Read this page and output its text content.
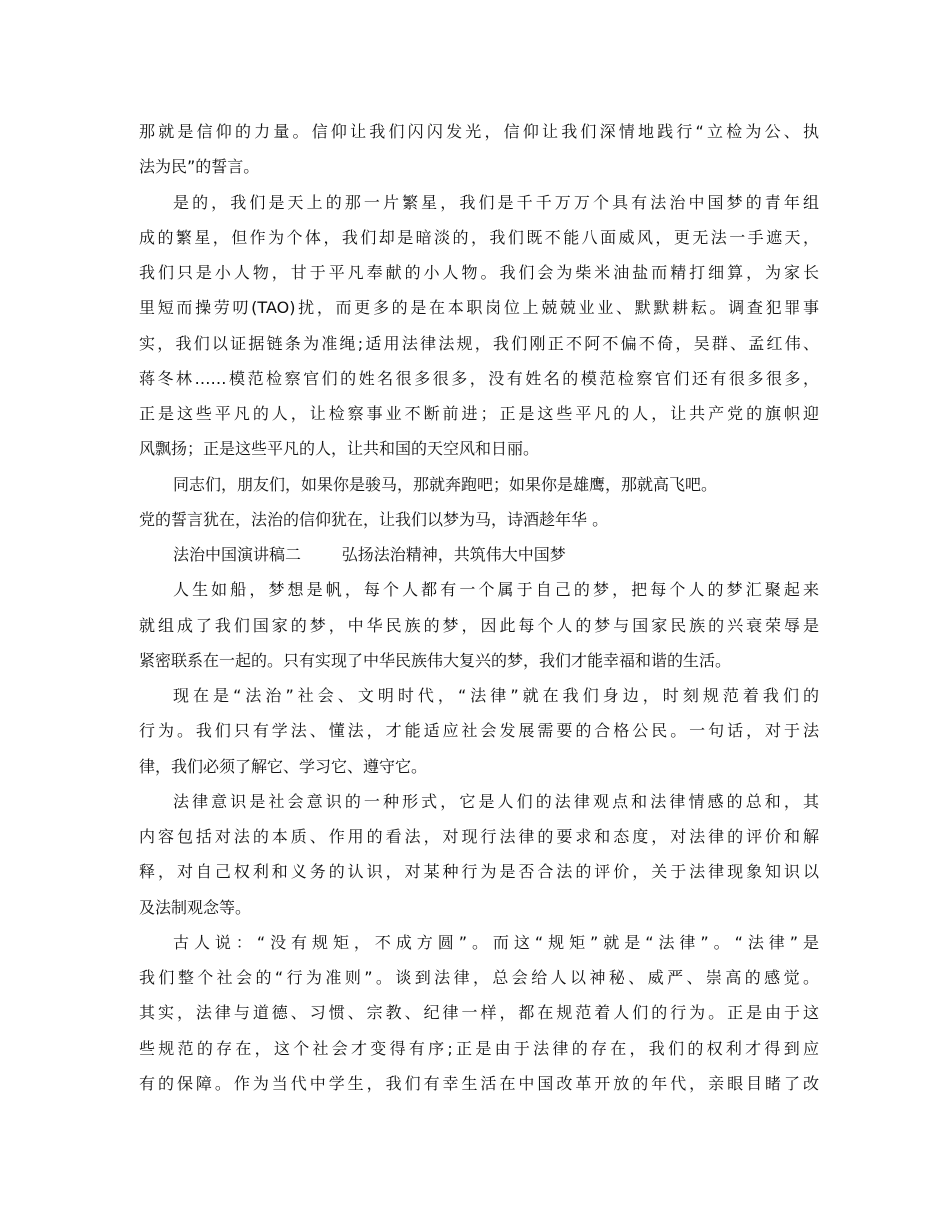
那就是信仰的力量。信仰让我们闪闪发光，信仰让我们深情地践行“立检为公、执
法为民”的誓言。
是的，我们是天上的那一片繁星，我们是千千万万个具有法治中国梦的青年组
成的繁星，但作为个体，我们却是暗淡的，我们既不能八面威风，更无法一手遮天，
我们只是小人物，甘于平凡奉献的小人物。我们会为柴米油盐而精打细算，为家长
里短而操劳叨(TAO)扰，而更多的是在本职岗位上兢兢业业、默默耕耘。调查犯罪事
实，我们以证据链条为准绳;适用法律法规，我们刚正不阿不偏不倚，吴群、孟红伟、
蒋冬林……模范检察官们的姓名很多很多，没有姓名的模范检察官们还有很多很多，
正是这些平凡的人，让检察事业不断前进；正是这些平凡的人，让共产党的旗帜迎
风飘扬；正是这些平凡的人，让共和国的天空风和日丽。
同志们，朋友们，如果你是骏马，那就奔跑吧；如果你是雄鹰，那就高飞吧。
党的誓言犹在，法治的信仰犹在，让我们以梦为马，诗酒趁年华 。
法治中国演讲稿二        弘扬法治精神，共筑伟大中国梦
人生如船，梦想是帆，每个人都有一个属于自己的梦，把每个人的梦汇聚起来
就组成了我们国家的梦，中华民族的梦，因此每个人的梦与国家民族的兴衰荣辱是
紧密联系在一起的。只有实现了中华民族伟大复兴的梦，我们才能幸福和谐的生活。
现在是“法治”社会、文明时代，“法律”就在我们身边，时刻规范着我们的
行为。我们只有学法、懂法，才能适应社会发展需要的合格公民。一句话，对于法
律，我们必须了解它、学习它、遵守它。
法律意识是社会意识的一种形式，它是人们的法律观点和法律情感的总和，其
内容包括对法的本质、作用的看法，对现行法律的要求和态度，对法律的评价和解
释，对自己权利和义务的认识，对某种行为是否合法的评价，关于法律现象知识以
及法制观念等。
古人说：“没有规矩，不成方圆”。而这“规矩”就是“法律”。“法律”是
我们整个社会的“行为准则”。谈到法律，总会给人以神秘、威严、崇高的感觉。
其实，法律与道德、习惯、宗教、纪律一样，都在规范着人们的行为。正是由于这
些规范的存在，这个社会才变得有序;正是由于法律的存在，我们的权利才得到应
有的保障。作为当代中学生，我们有幸生活在中国改革开放的年代，亲眼目睹了改
